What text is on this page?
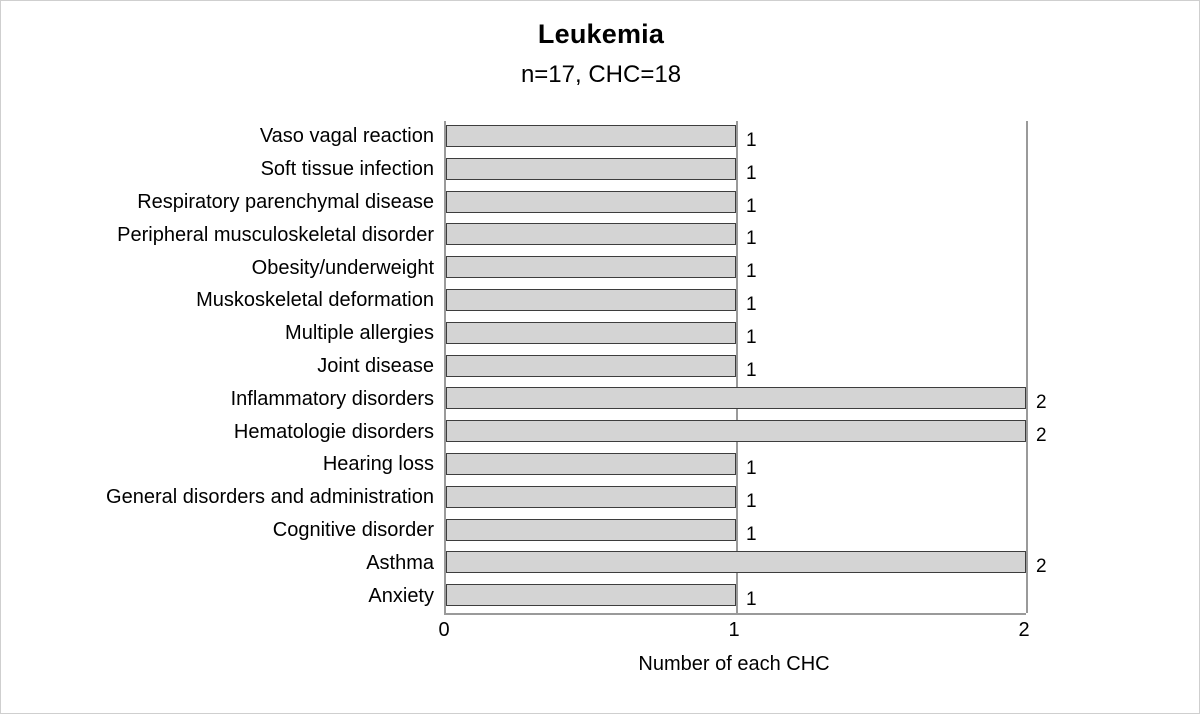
Leukemia
n=17, CHC=18
Anxiety
Asthma
Cognitive disorder
General disorders and administration
Hearing loss
Hematologie disorders
Inflammatory disorders
Joint disease
Multiple allergies
Muskoskeletal deformation
Obesity/underweight
Peripheral musculoskeletal disorder
Respiratory parenchymal disease
Soft tissue infection
Vaso vagal reaction
1
2
1
1
1
2
2
1
1
1
1
1
1
1
1
0	1	2
Number of each CHC
